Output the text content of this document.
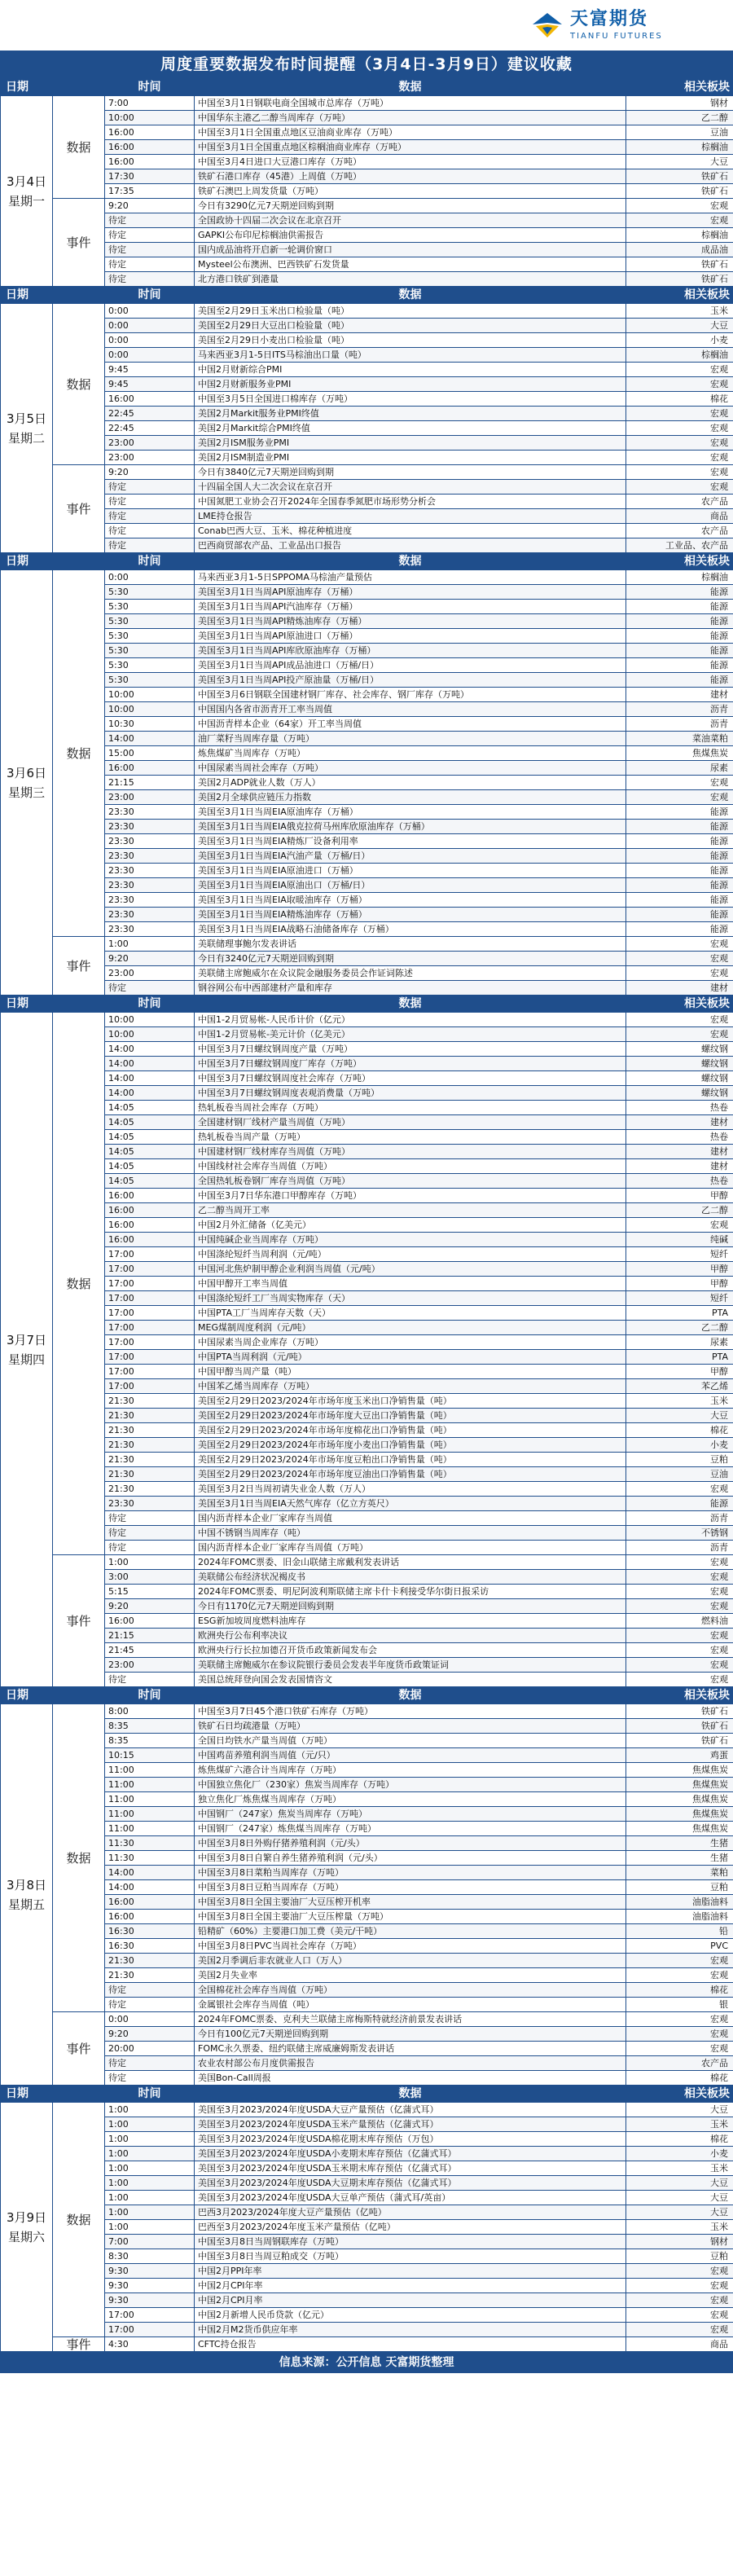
天富期货
TIANFU FUTURES
周度重要数据发布时间提醒（3月4日-3月9日）建议收藏
日期		时间	数据	相关板块
3月4日星期一	数据	7:00	中国至3月1日钢联电商全国城市总库存（万吨）	钢材
		10:00	中国华东主港乙二醇当周库存（万吨）	乙二醇
		16:00	中国至3月1日全国重点地区豆油商业库存（万吨）	豆油
		16:00	中国至3月1日全国重点地区棕榈油商业库存（万吨）	棕榈油
		16:00	中国至3月4日进口大豆港口库存（万吨）	大豆
		17:30	铁矿石港口库存（45港）上周值（万吨）	铁矿石
		17:35	铁矿石澳巴上周发货量（万吨）	铁矿石
	事件	9:20	今日有3290亿元7天期逆回购到期	宏观
		待定	全国政协十四届二次会议在北京召开	宏观
		待定	GAPKI公布印尼棕榈油供需报告	棕榈油
		待定	国内成品油将开启新一轮调价窗口	成品油
		待定	Mysteel公布澳洲、巴西铁矿石发货量	铁矿石
		待定	北方港口铁矿到港量	铁矿石
日期		时间	数据	相关板块
3月5日星期二	数据	0:00	美国至2月29日玉米出口检验量（吨）	玉米
		0:00	美国至2月29日大豆出口检验量（吨）	大豆
		0:00	美国至2月29日小麦出口检验量（吨）	小麦
		0:00	马来西亚3月1-5日ITS马棕油出口量（吨）	棕榈油
		9:45	中国2月财新综合PMI	宏观
		9:45	中国2月财新服务业PMI	宏观
		16:00	中国至3月5日全国进口棉库存（万吨）	棉花
		22:45	美国2月Markit服务业PMI终值	宏观
		22:45	美国2月Markit综合PMI终值	宏观
		23:00	美国2月ISM服务业PMI	宏观
		23:00	美国2月ISM制造业PMI	宏观
	事件	9:20	今日有3840亿元7天期逆回购到期	宏观
		待定	十四届全国人大二次会议在京召开	宏观
		待定	中国氮肥工业协会召开2024年全国春季氮肥市场形势分析会	农产品
		待定	LME持仓报告	商品
		待定	Conab巴西大豆、玉米、棉花种植进度	农产品
		待定	巴西商贸部农产品、工业品出口报告	工业品、农产品
日期		时间	数据	相关板块
3月6日星期三	数据	0:00	马来西亚3月1-5日SPPOMA马棕油产量预估	棕榈油
		5:30	美国至3月1日当周API原油库存（万桶）	能源
		5:30	美国至3月1日当周API汽油库存（万桶）	能源
		5:30	美国至3月1日当周API精炼油库存（万桶）	能源
		5:30	美国至3月1日当周API原油进口（万桶）	能源
		5:30	美国至3月1日当周API库欣原油库存（万桶）	能源
		5:30	美国至3月1日当周API成品油进口（万桶/日）	能源
		5:30	美国至3月1日当周API投产原油量（万桶/日）	能源
		10:00	中国至3月6日钢联全国建材钢厂库存、社会库存、钢厂库存（万吨）	建材
		10:00	中国国内各省市沥青开工率当周值	沥青
		10:30	中国沥青样本企业（64家）开工率当周值	沥青
		14:00	油厂菜籽当周库存量（万吨）	菜油菜粕
		15:00	炼焦煤矿当周库存（万吨）	焦煤焦炭
		16:00	中国尿素当周社会库存（万吨）	尿素
		21:15	美国2月ADP就业人数（万人）	宏观
		23:00	美国2月全球供应链压力指数	宏观
		23:30	美国至3月1日当周EIA原油库存（万桶）	能源
		23:30	美国至3月1日当周EIA俄克拉荷马州库欣原油库存（万桶）	能源
		23:30	美国至3月1日当周EIA精炼厂设备利用率	能源
		23:30	美国至3月1日当周EIA汽油产量（万桶/日）	能源
		23:30	美国至3月1日当周EIA原油进口（万桶）	能源
		23:30	美国至3月1日当周EIA原油出口（万桶/日）	能源
		23:30	美国至3月1日当周EIA取暖油库存（万桶）	能源
		23:30	美国至3月1日当周EIA精炼油库存（万桶）	能源
		23:30	美国至3月1日当周EIA战略石油储备库存（万桶）	能源
	事件	1:00	美联储理事鲍尔发表讲话	宏观
		9:20	今日有3240亿元7天期逆回购到期	宏观
		23:00	美联储主席鲍威尔在众议院金融服务委员会作证词陈述	宏观
		待定	钢谷网公布中西部建材产量和库存	建材
日期		时间	数据	相关板块
3月7日星期四	数据	10:00	中国1-2月贸易帐-人民币计价（亿元）	宏观
		10:00	中国1-2月贸易帐-美元计价（亿美元）	宏观
		14:00	中国至3月7日螺纹钢周度产量（万吨）	螺纹钢
		14:00	中国至3月7日螺纹钢周度厂库存（万吨）	螺纹钢
		14:00	中国至3月7日螺纹钢周度社会库存（万吨）	螺纹钢
		14:00	中国至3月7日螺纹钢周度表观消费量（万吨）	螺纹钢
		14:05	热轧板卷当周社会库存（万吨）	热卷
		14:05	全国建材钢厂线材产量当周值（万吨）	建材
		14:05	热轧板卷当周产量（万吨）	热卷
		14:05	中国建材钢厂线材库存当周值（万吨）	建材
		14:05	中国线材社会库存当周值（万吨）	建材
		14:05	全国热轧板卷钢厂库存当周值（万吨）	热卷
		16:00	中国至3月7日华东港口甲醇库存（万吨）	甲醇
		16:00	乙二醇当周开工率	乙二醇
		16:00	中国2月外汇储备（亿美元）	宏观
		16:00	中国纯碱企业当周库存（万吨）	纯碱
		17:00	中国涤纶短纤当周利润（元/吨）	短纤
		17:00	中国河北焦炉制甲醇企业利润当周值（元/吨）	甲醇
		17:00	中国甲醇开工率当周值	甲醇
		17:00	中国涤纶短纤工厂当周实物库存（天）	短纤
		17:00	中国PTA工厂当周库存天数（天）	PTA
		17:00	MEG煤制周度利润（元/吨）	乙二醇
		17:00	中国尿素当周企业库存（万吨）	尿素
		17:00	中国PTA当周利润（元/吨）	PTA
		17:00	中国甲醇当周产量（吨）	甲醇
		17:00	中国苯乙烯当周库存（万吨）	苯乙烯
		21:30	美国至2月29日2023/2024年市场年度玉米出口净销售量（吨）	玉米
		21:30	美国至2月29日2023/2024年市场年度大豆出口净销售量（吨）	大豆
		21:30	美国至2月29日2023/2024年市场年度棉花出口净销售量（吨）	棉花
		21:30	美国至2月29日2023/2024年市场年度小麦出口净销售量（吨）	小麦
		21:30	美国至2月29日2023/2024年市场年度豆粕出口净销售量（吨）	豆粕
		21:30	美国至2月29日2023/2024年市场年度豆油出口净销售量（吨）	豆油
		21:30	美国至3月2日当周初请失业金人数（万人）	宏观
		23:30	美国至3月1日当周EIA天然气库存（亿立方英尺）	能源
		待定	国内沥青样本企业厂家库存当周值	沥青
		待定	中国不锈钢当周库存（吨）	不锈钢
		待定	国内沥青样本企业厂家库存当周值（万吨）	沥青
	事件	1:00	2024年FOMC票委、旧金山联储主席戴利发表讲话	宏观
		3:00	美联储公布经济状况褐皮书	宏观
		5:15	2024年FOMC票委、明尼阿波利斯联储主席卡什卡利接受华尔街日报采访	宏观
		9:20	今日有1170亿元7天期逆回购到期	宏观
		16:00	ESG新加坡周度燃料油库存	燃料油
		21:15	欧洲央行公布利率决议	宏观
		21:45	欧洲央行行长拉加德召开货币政策新闻发布会	宏观
		23:00	美联储主席鲍威尔在参议院银行委员会发表半年度货币政策证词	宏观
		待定	美国总统拜登向国会发表国情咨文	宏观
日期		时间	数据	相关板块
3月8日星期五	数据	8:00	中国至3月7日45个港口铁矿石库存（万吨）	铁矿石
		8:35	铁矿石日均疏港量（万吨）	铁矿石
		8:35	全国日均铁水产量当周值（万吨）	铁矿石
		10:15	中国鸡苗养殖利润当周值（元/只）	鸡蛋
		11:00	炼焦煤矿六港合计当周库存（万吨）	焦煤焦炭
		11:00	中国独立焦化厂（230家）焦炭当周库存（万吨）	焦煤焦炭
		11:00	独立焦化厂炼焦煤当周库存（万吨）	焦煤焦炭
		11:00	中国钢厂（247家）焦炭当周库存（万吨）	焦煤焦炭
		11:00	中国钢厂（247家）炼焦煤当周库存（万吨）	焦煤焦炭
		11:30	中国至3月8日外购仔猪养殖利润（元/头）	生猪
		11:30	中国至3月8日自繁自养生猪养殖利润（元/头）	生猪
		14:00	中国至3月8日菜粕当周库存（万吨）	菜粕
		14:00	中国至3月8日豆粕当周库存（万吨）	豆粕
		16:00	中国至3月8日全国主要油厂大豆压榨开机率	油脂油料
		16:00	中国至3月8日全国主要油厂大豆压榨量（万吨）	油脂油料
		16:30	铅精矿（60%）主要港口加工费（美元/干吨）	铅
		16:30	中国至3月8日PVC当周社会库存（万吨）	PVC
		21:30	美国2月季调后非农就业人口（万人）	宏观
		21:30	美国2月失业率	宏观
		待定	全国棉花社会库存当周值（万吨）	棉花
		待定	金属银社会库存当周值（吨）	银
	事件	0:00	2024年FOMC票委、克利夫兰联储主席梅斯特就经济前景发表讲话	宏观
		9:20	今日有100亿元7天期逆回购到期	宏观
		20:00	FOMC永久票委、纽约联储主席威廉姆斯发表讲话	宏观
		待定	农业农村部公布月度供需报告	农产品
		待定	美国Bon-Call周报	棉花
日期		时间	数据	相关板块
3月9日星期六	数据	1:00	美国至3月2023/2024年度USDA大豆产量预估（亿蒲式耳）	大豆
		1:00	美国至3月2023/2024年度USDA玉米产量预估（亿蒲式耳）	玉米
		1:00	美国至3月2023/2024年度USDA棉花期末库存预估（万包）	棉花
		1:00	美国至3月2023/2024年度USDA小麦期末库存预估（亿蒲式耳）	小麦
		1:00	美国至3月2023/2024年度USDA玉米期末库存预估（亿蒲式耳）	玉米
		1:00	美国至3月2023/2024年度USDA大豆期末库存预估（亿蒲式耳）	大豆
		1:00	美国至3月2023/2024年度USDA大豆单产预估（蒲式耳/英亩）	大豆
		1:00	巴西3月2023/2024年度大豆产量预估（亿吨）	大豆
		1:00	巴西至3月2023/2024年度玉米产量预估（亿吨）	玉米
		7:00	中国至3月8日当周钢联库存（万吨）	钢材
		8:30	中国至3月8日当周豆粕成交（万吨）	豆粕
		9:30	中国2月PPI年率	宏观
		9:30	中国2月CPI年率	宏观
		9:30	中国2月CPI月率	宏观
		17:00	中国2月新增人民币贷款（亿元）	宏观
		17:00	中国2月M2货币供应年率	宏观
	事件	4:30	CFTC持仓报告	商品
信息来源：公开信息 天富期货整理
